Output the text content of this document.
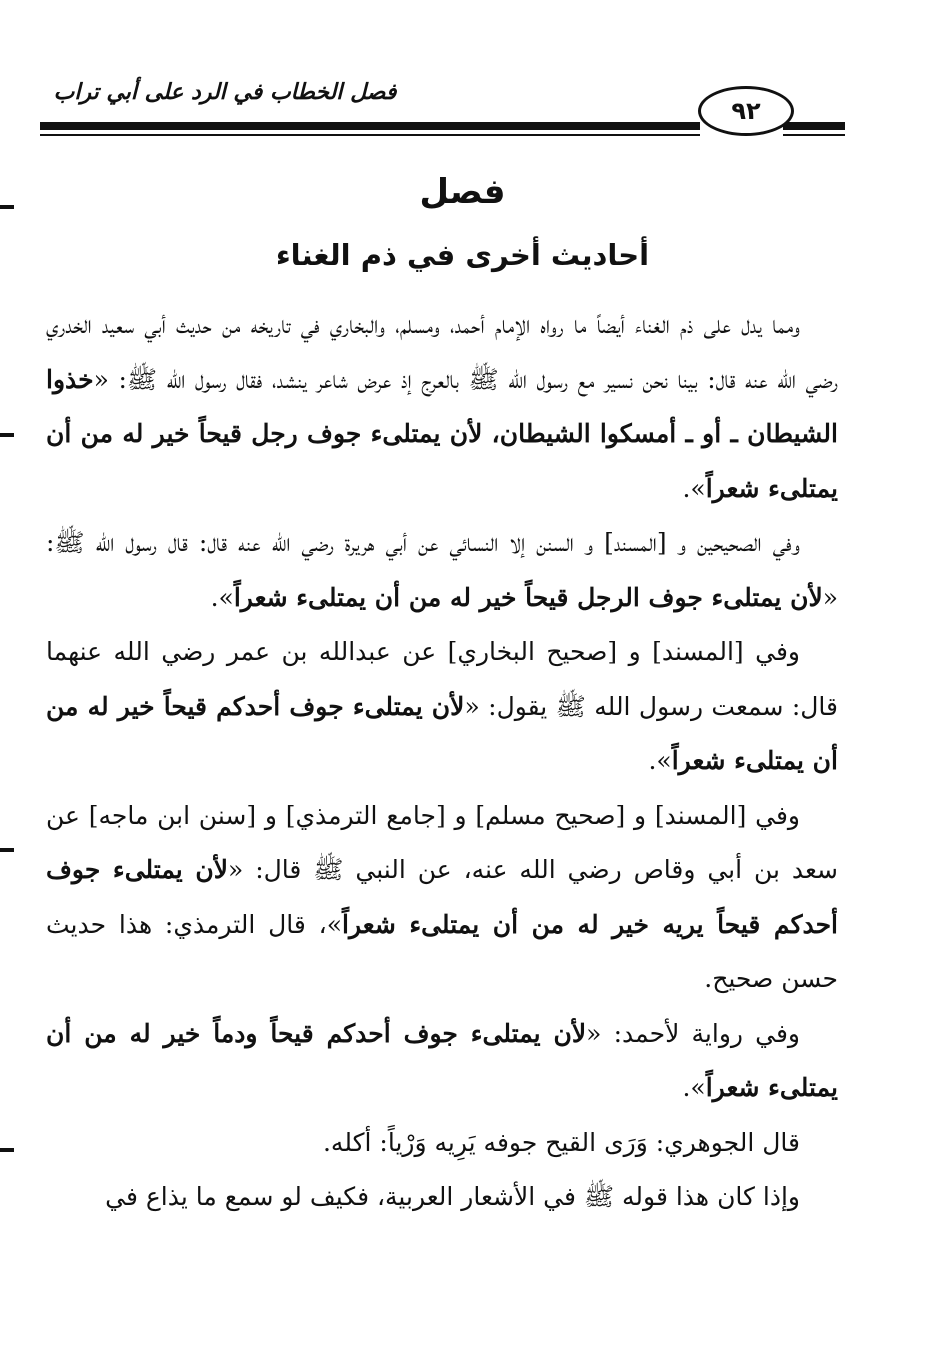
فصل الخطاب في الرد على أبي تراب
٩٢
فصل
أحاديث أخرى في ذم الغناء

ومما يدل على ذم الغناء أيضاً ما رواه الإمام أحمد، ومسلم، والبخاري في تاريخه من حديث أبي سعيد الخدري رضي الله عنه قال: بينا نحن نسير مع رسول الله ﷺ بالعرج إذ عرض شاعر ينشد، فقال رسول الله ﷺ: «خذوا الشيطان ـ أو ـ أمسكوا الشيطان، لأن يمتلىء جوف رجل قيحاً خير له من أن يمتلىء شعراً».

وفي الصحيحين و [المسند] و السنن إلا النسائي عن أبي هريرة رضي الله عنه قال: قال رسول الله ﷺ: «لأن يمتلىء جوف الرجل قيحاً خير له من أن يمتلىء شعراً».

وفي [المسند] و [صحيح البخاري] عن عبدالله بن عمر رضي الله عنهما قال: سمعت رسول الله ﷺ يقول: «لأن يمتلىء جوف أحدكم قيحاً خير له من أن يمتلىء شعراً».

وفي [المسند] و [صحيح مسلم] و [جامع الترمذي] و [سنن ابن ماجه] عن سعد بن أبي وقاص رضي الله عنه، عن النبي ﷺ قال: «لأن يمتلىء جوف أحدكم قيحاً يريه خير له من أن يمتلىء شعراً»، قال الترمذي: هذا حديث حسن صحيح.

وفي رواية لأحمد: «لأن يمتلىء جوف أحدكم قيحاً ودماً خير له من أن يمتلىء شعراً».

قال الجوهري: وَرَى القيح جوفه يَرِيه وَرْياً: أكله.

وإذا كان هذا قوله ﷺ في الأشعار العربية، فكيف لو سمع ما يذاع في
